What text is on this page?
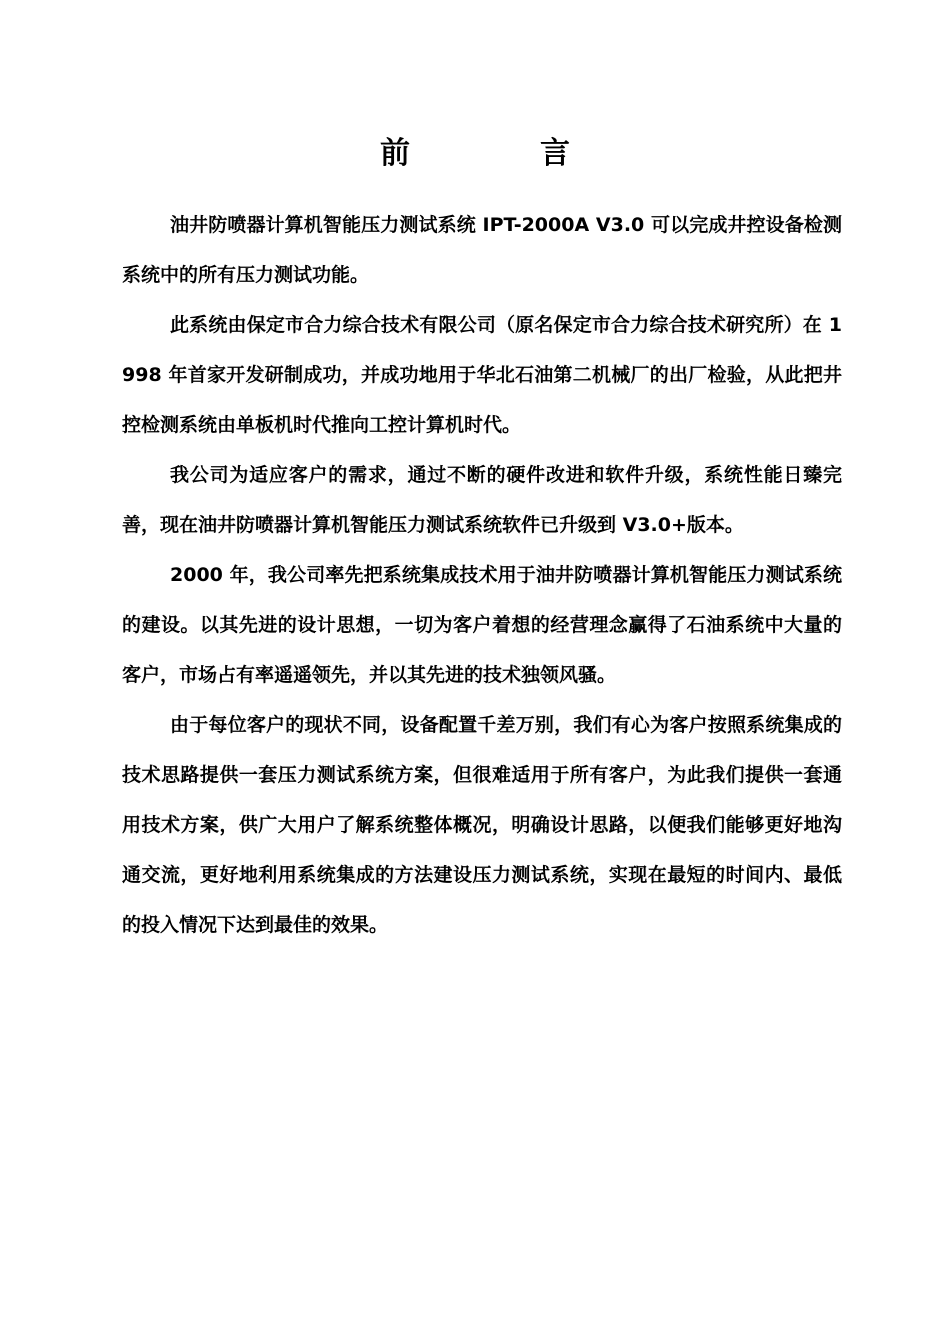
前	言

油井防喷器计算机智能压力测试系统 IPT-2000A V3.0 可以完成井控设备检测系统中的所有压力测试功能。

此系统由保定市合力综合技术有限公司（原名保定市合力综合技术研究所）在 1998 年首家开发研制成功，并成功地用于华北石油第二机械厂的出厂检验，从此把井控检测系统由单板机时代推向工控计算机时代。

我公司为适应客户的需求，通过不断的硬件改进和软件升级，系统性能日臻完善，现在油井防喷器计算机智能压力测试系统软件已升级到 V3.0+版本。

2000 年，我公司率先把系统集成技术用于油井防喷器计算机智能压力测试系统的建设。以其先进的设计思想，一切为客户着想的经营理念赢得了石油系统中大量的客户，市场占有率遥遥领先，并以其先进的技术独领风骚。

由于每位客户的现状不同，设备配置千差万别，我们有心为客户按照系统集成的技术思路提供一套压力测试系统方案，但很难适用于所有客户，为此我们提供一套通用技术方案，供广大用户了解系统整体概况，明确设计思路，以便我们能够更好地沟通交流，更好地利用系统集成的方法建设压力测试系统，实现在最短的时间内、最低的投入情况下达到最佳的效果。
